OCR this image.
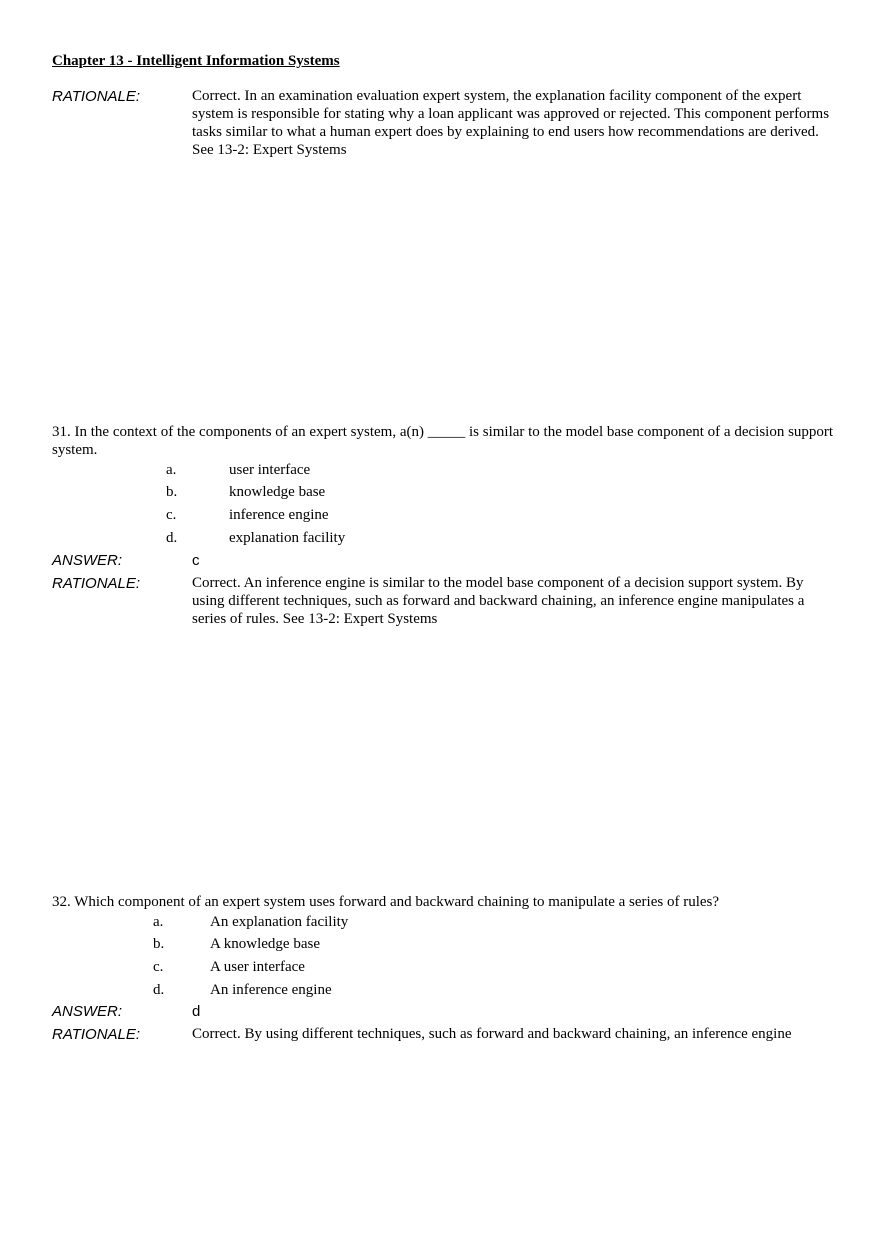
Chapter 13 - Intelligent Information Systems
RATIONALE:	Correct. In an examination evaluation expert system, the explanation facility component of the expert system is responsible for stating why a loan applicant was approved or rejected. This component performs tasks similar to what a human expert does by explaining to end users how recommendations are derived. See 13-2: Expert Systems
31. In the context of the components of an expert system, a(n) _____ is similar to the model base component of a decision support system.
a.	user interface
b.	knowledge base
c.	inference engine
d.	explanation facility
ANSWER:	c
RATIONALE:	Correct. An inference engine is similar to the model base component of a decision support system. By using different techniques, such as forward and backward chaining, an inference engine manipulates a series of rules. See 13-2: Expert Systems
32. Which component of an expert system uses forward and backward chaining to manipulate a series of rules?
a.	An explanation facility
b.	A knowledge base
c.	A user interface
d.	An inference engine
ANSWER:	d
RATIONALE:	Correct. By using different techniques, such as forward and backward chaining, an inference engine
